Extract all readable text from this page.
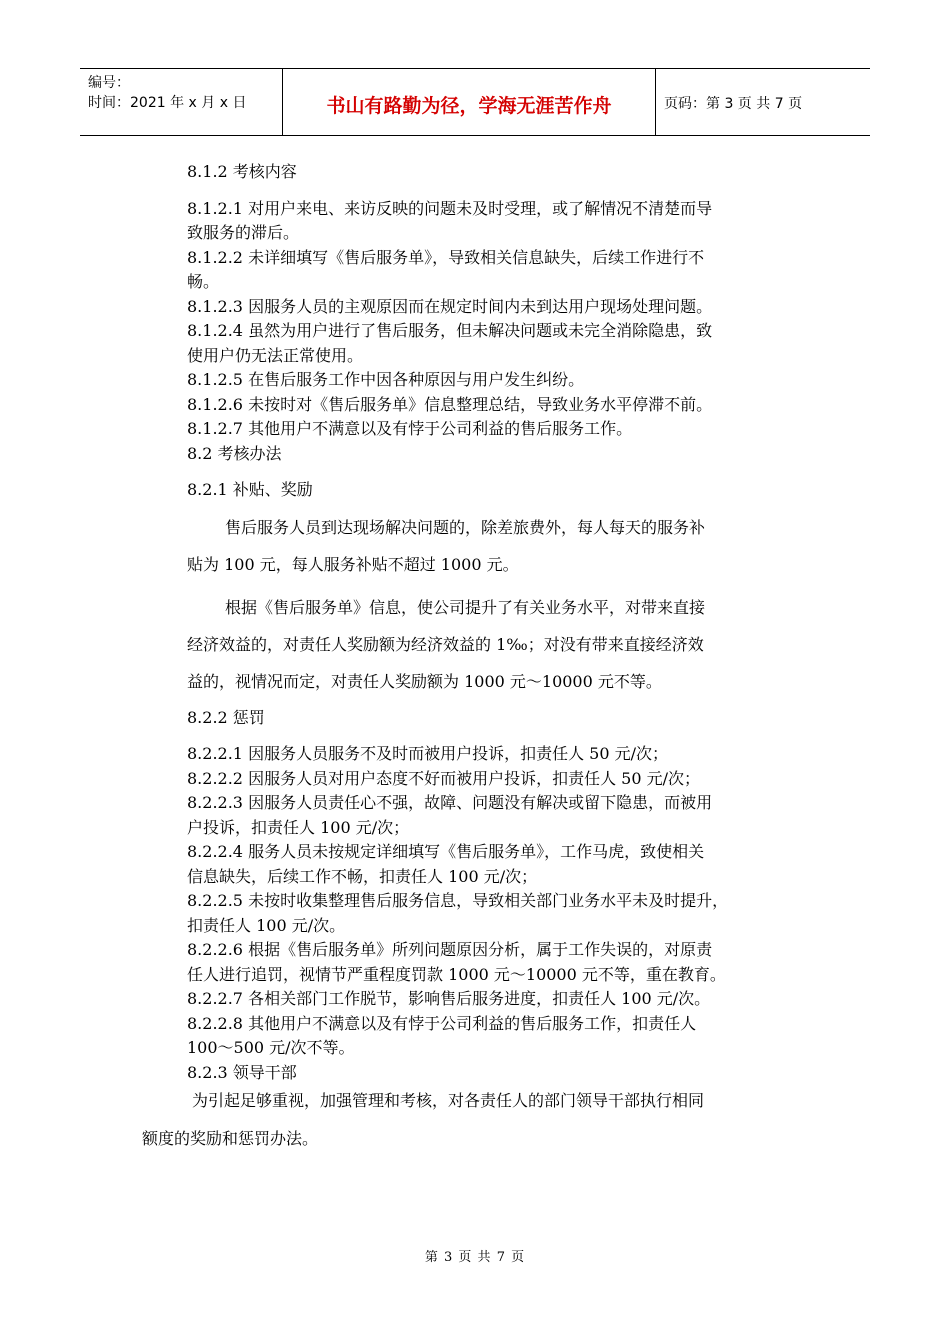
编号：
时间：2021 年 x 月 x 日	书山有路勤为径，学海无涯苦作舟	页码：第 3 页 共 7 页
8.1.2 考核内容
8.1.2.1 对用户来电、来访反映的问题未及时受理，或了解情况不清楚而导
致服务的滞后。
8.1.2.2 未详细填写《售后服务单》，导致相关信息缺失，后续工作进行不
畅。
8.1.2.3 因服务人员的主观原因而在规定时间内未到达用户现场处理问题。
8.1.2.4 虽然为用户进行了售后服务，但未解决问题或未完全消除隐患，致
使用户仍无法正常使用。
8.1.2.5 在售后服务工作中因各种原因与用户发生纠纷。
8.1.2.6 未按时对《售后服务单》信息整理总结，导致业务水平停滞不前。
8.1.2.7 其他用户不满意以及有悖于公司利益的售后服务工作。
8.2 考核办法
8.2.1 补贴、奖励
售后服务人员到达现场解决问题的，除差旅费外，每人每天的服务补
贴为 100 元，每人服务补贴不超过 1000 元。
根据《售后服务单》信息，使公司提升了有关业务水平，对带来直接
经济效益的，对责任人奖励额为经济效益的 1‰；对没有带来直接经济效
益的，视情况而定，对责任人奖励额为 1000 元～10000 元不等。
8.2.2 惩罚
8.2.2.1 因服务人员服务不及时而被用户投诉，扣责任人 50 元/次；
8.2.2.2 因服务人员对用户态度不好而被用户投诉，扣责任人 50 元/次；
8.2.2.3 因服务人员责任心不强，故障、问题没有解决或留下隐患，而被用
户投诉，扣责任人 100 元/次；
8.2.2.4 服务人员未按规定详细填写《售后服务单》，工作马虎，致使相关
信息缺失，后续工作不畅，扣责任人 100 元/次；
8.2.2.5 未按时收集整理售后服务信息，导致相关部门业务水平未及时提升，
扣责任人 100 元/次。
8.2.2.6 根据《售后服务单》所列问题原因分析，属于工作失误的，对原责
任人进行追罚，视情节严重程度罚款 1000 元～10000 元不等，重在教育。
8.2.2.7 各相关部门工作脱节，影响售后服务进度，扣责任人 100 元/次。
8.2.2.8 其他用户不满意以及有悖于公司利益的售后服务工作，扣责任人
100～500 元/次不等。
8.2.3 领导干部
为引起足够重视，加强管理和考核，对各责任人的部门领导干部执行相同
额度的奖励和惩罚办法。
第 3 页 共 7 页
